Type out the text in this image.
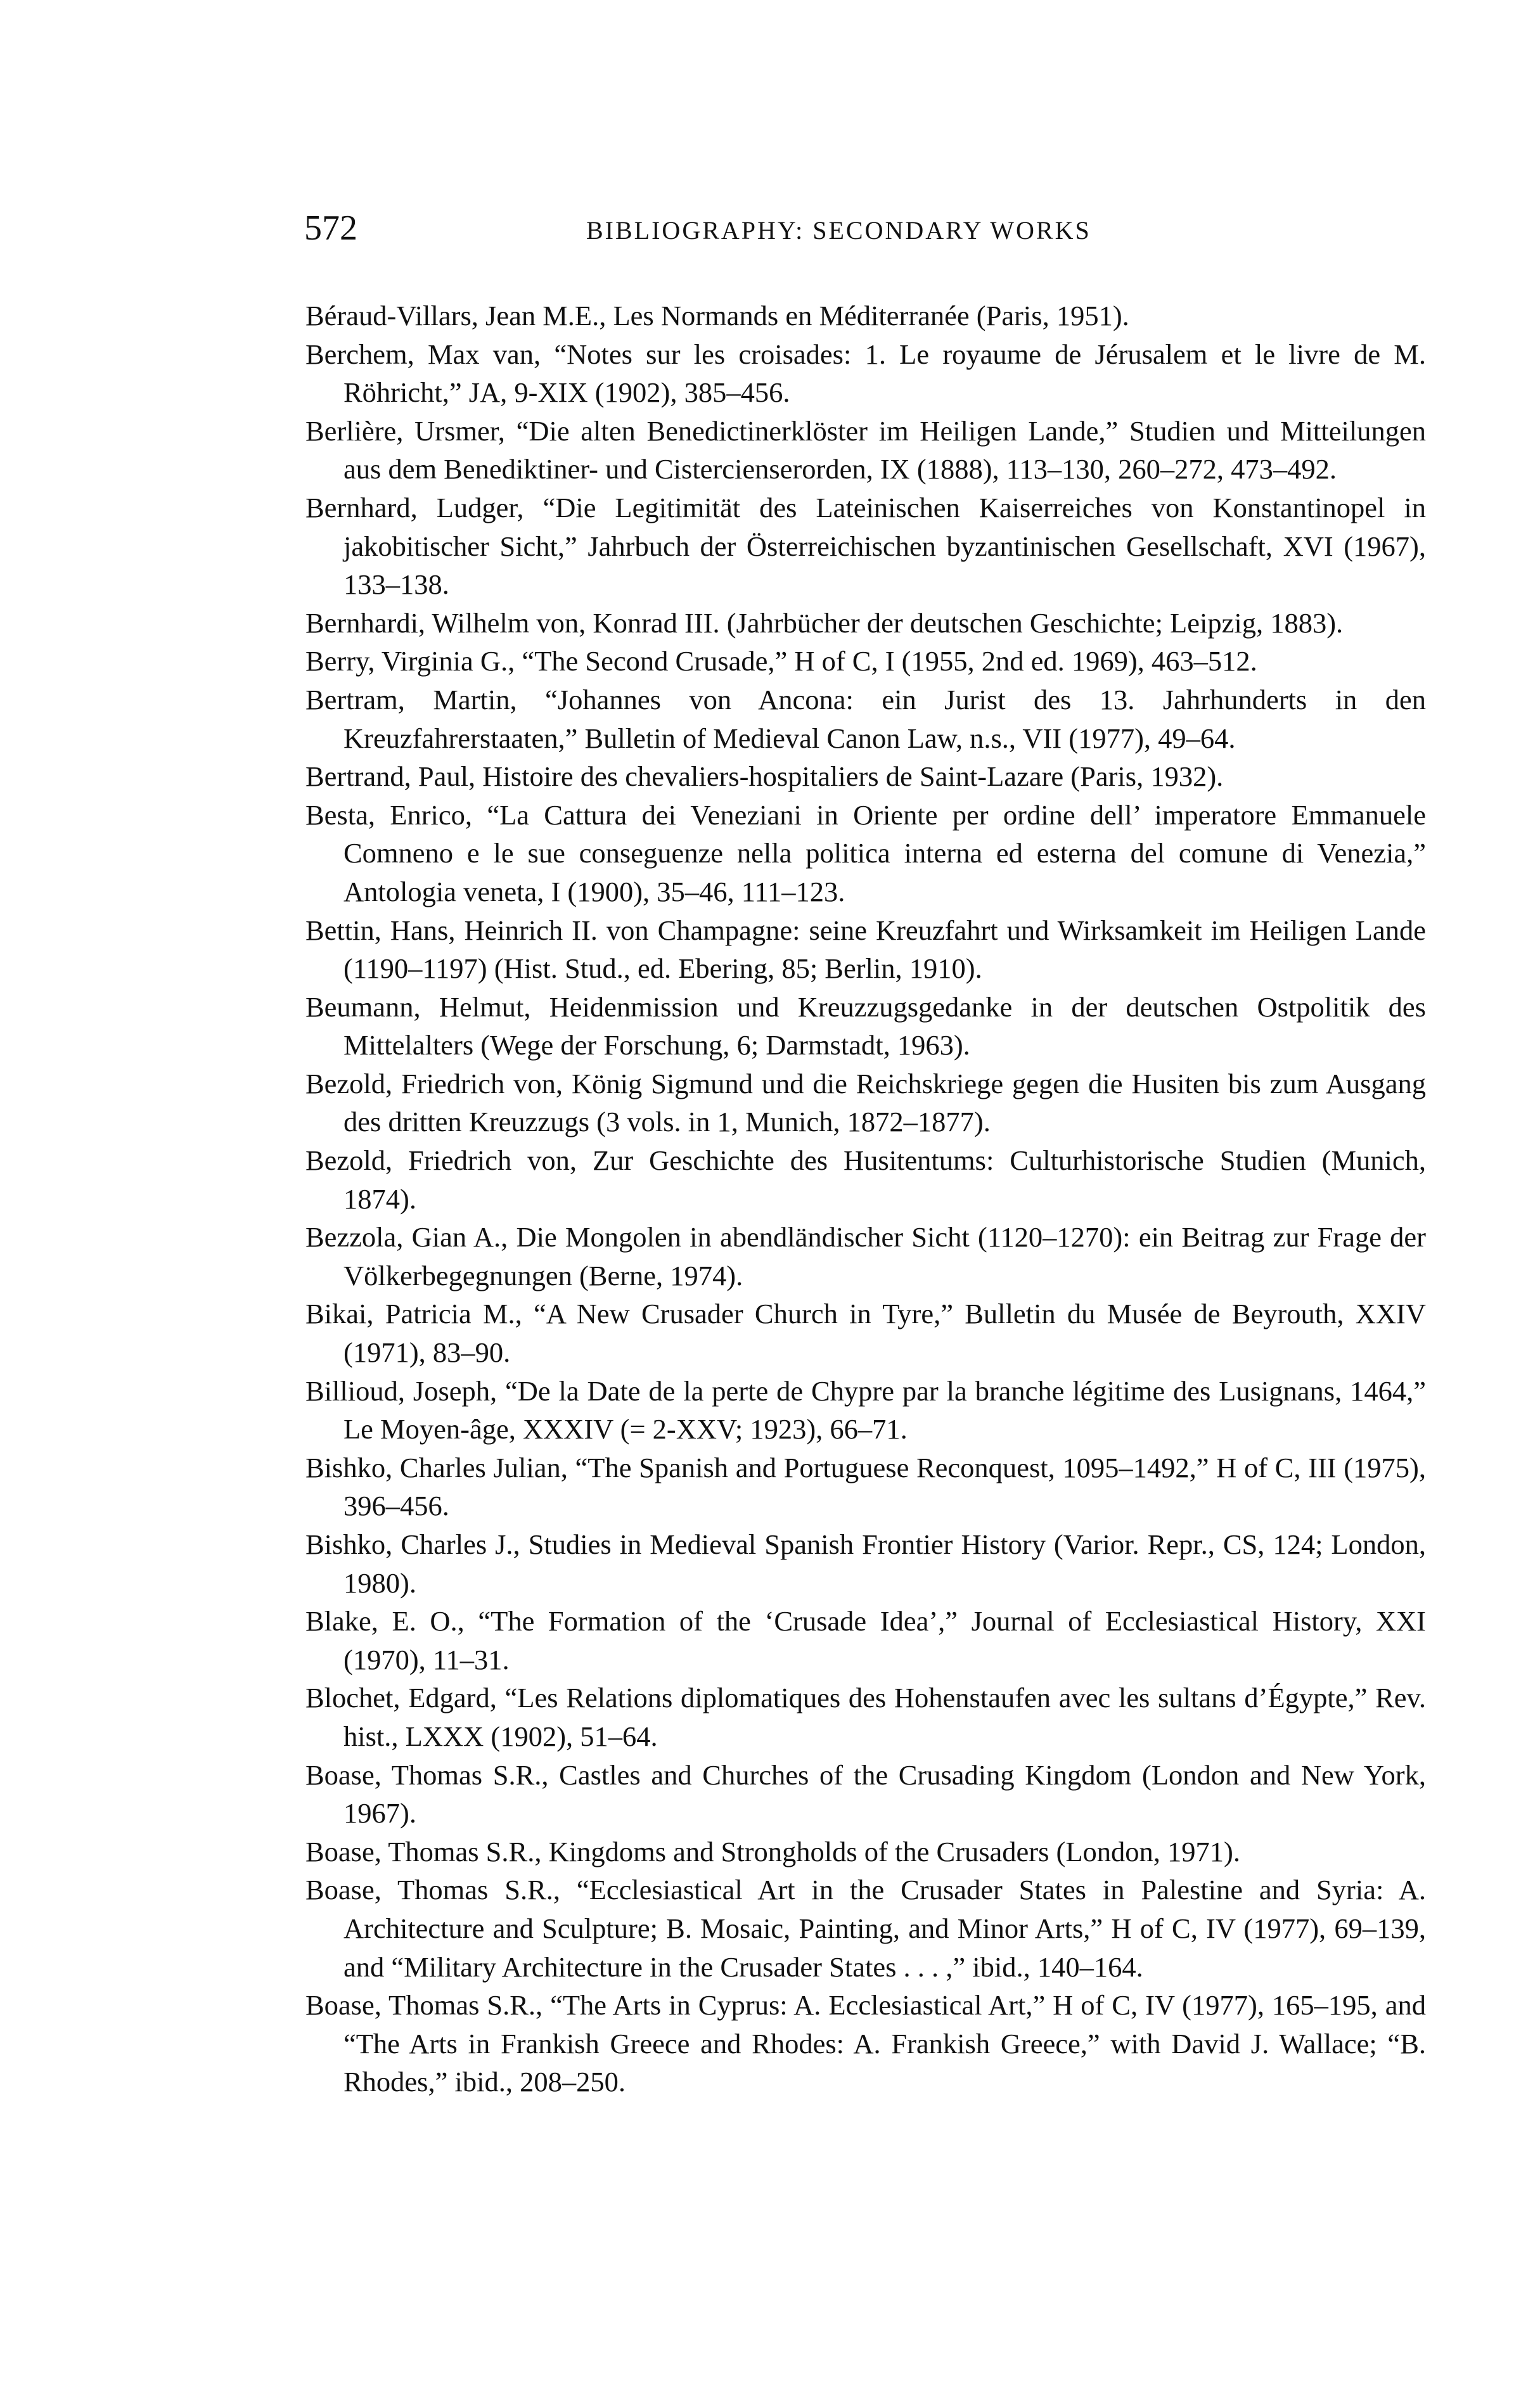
572	BIBLIOGRAPHY: SECONDARY WORKS

Béraud-Villars, Jean M.E., Les Normands en Méditerranée (Paris, 1951).

Berchem, Max van, “Notes sur les croisades: 1. Le royaume de Jérusalem et le livre de M. Röhricht,” JA, 9-XIX (1902), 385–456.

Berlière, Ursmer, “Die alten Benedictinerklöster im Heiligen Lande,” Studien und Mitteilungen aus dem Benediktiner- und Cistercienserorden, IX (1888), 113–130, 260–272, 473–492.

Bernhard, Ludger, “Die Legitimität des Lateinischen Kaiserreiches von Konstantinopel in jakobitischer Sicht,” Jahrbuch der Österreichischen byzantinischen Gesellschaft, XVI (1967), 133–138.

Bernhardi, Wilhelm von, Konrad III. (Jahrbücher der deutschen Geschichte; Leipzig, 1883).

Berry, Virginia G., “The Second Crusade,” H of C, I (1955, 2nd ed. 1969), 463–512.

Bertram, Martin, “Johannes von Ancona: ein Jurist des 13. Jahrhunderts in den Kreuzfahrerstaaten,” Bulletin of Medieval Canon Law, n.s., VII (1977), 49–64.

Bertrand, Paul, Histoire des chevaliers-hospitaliers de Saint-Lazare (Paris, 1932).

Besta, Enrico, “La Cattura dei Veneziani in Oriente per ordine dell’ imperatore Emmanuele Comneno e le sue conseguenze nella politica interna ed esterna del comune di Venezia,” Antologia veneta, I (1900), 35–46, 111–123.

Bettin, Hans, Heinrich II. von Champagne: seine Kreuzfahrt und Wirksamkeit im Heiligen Lande (1190–1197) (Hist. Stud., ed. Ebering, 85; Berlin, 1910).

Beumann, Helmut, Heidenmission und Kreuzzugsgedanke in der deutschen Ostpolitik des Mittelalters (Wege der Forschung, 6; Darmstadt, 1963).

Bezold, Friedrich von, König Sigmund und die Reichskriege gegen die Husiten bis zum Ausgang des dritten Kreuzzugs (3 vols. in 1, Munich, 1872–1877).

Bezold, Friedrich von, Zur Geschichte des Husitentums: Culturhistorische Studien (Munich, 1874).

Bezzola, Gian A., Die Mongolen in abendländischer Sicht (1120–1270): ein Beitrag zur Frage der Völkerbegegnungen (Berne, 1974).

Bikai, Patricia M., “A New Crusader Church in Tyre,” Bulletin du Musée de Beyrouth, XXIV (1971), 83–90.

Billioud, Joseph, “De la Date de la perte de Chypre par la branche légitime des Lusignans, 1464,” Le Moyen-âge, XXXIV (= 2-XXV; 1923), 66–71.

Bishko, Charles Julian, “The Spanish and Portuguese Reconquest, 1095–1492,” H of C, III (1975), 396–456.

Bishko, Charles J., Studies in Medieval Spanish Frontier History (Varior. Repr., CS, 124; London, 1980).

Blake, E. O., “The Formation of the ‘Crusade Idea’,” Journal of Ecclesiastical History, XXI (1970), 11–31.

Blochet, Edgard, “Les Relations diplomatiques des Hohenstaufen avec les sultans d’Égypte,” Rev. hist., LXXX (1902), 51–64.

Boase, Thomas S.R., Castles and Churches of the Crusading Kingdom (London and New York, 1967).

Boase, Thomas S.R., Kingdoms and Strongholds of the Crusaders (London, 1971).

Boase, Thomas S.R., “Ecclesiastical Art in the Crusader States in Palestine and Syria: A. Architecture and Sculpture; B. Mosaic, Painting, and Minor Arts,” H of C, IV (1977), 69–139, and “Military Architecture in the Crusader States . . . ,” ibid., 140–164.

Boase, Thomas S.R., “The Arts in Cyprus: A. Ecclesiastical Art,” H of C, IV (1977), 165–195, and “The Arts in Frankish Greece and Rhodes: A. Frankish Greece,” with David J. Wallace; “B. Rhodes,” ibid., 208–250.
